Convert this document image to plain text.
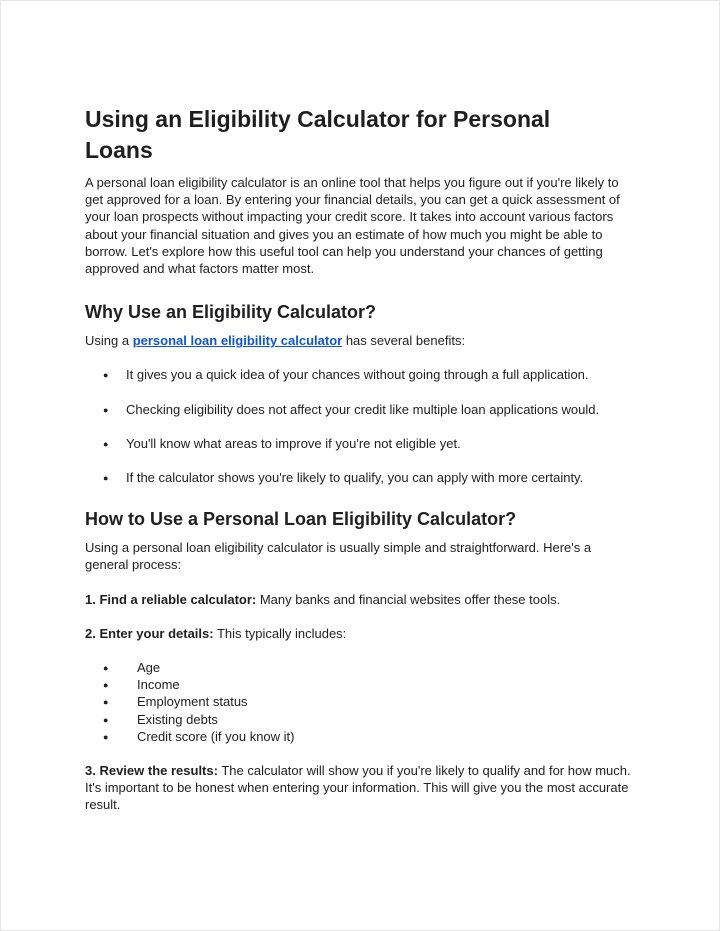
Using an Eligibility Calculator for Personal Loans

A personal loan eligibility calculator is an online tool that helps you figure out if you're likely to get approved for a loan. By entering your financial details, you can get a quick assessment of your loan prospects without impacting your credit score. It takes into account various factors about your financial situation and gives you an estimate of how much you might be able to borrow. Let's explore how this useful tool can help you understand your chances of getting approved and what factors matter most.

Why Use an Eligibility Calculator?

Using a personal loan eligibility calculator has several benefits:

● It gives you a quick idea of your chances without going through a full application.
● Checking eligibility does not affect your credit like multiple loan applications would.
● You'll know what areas to improve if you're not eligible yet.
● If the calculator shows you're likely to qualify, you can apply with more certainty.
How to Use a Personal Loan Eligibility Calculator?

Using a personal loan eligibility calculator is usually simple and straightforward. Here's a general process:

1. Find a reliable calculator: Many banks and financial websites offer these tools.

2. Enter your details: This typically includes:

● Age
● Income
● Employment status
● Existing debts
● Credit score (if you know it)

3. Review the results: The calculator will show you if you're likely to qualify and for how much. It's important to be honest when entering your information. This will give you the most accurate result.
